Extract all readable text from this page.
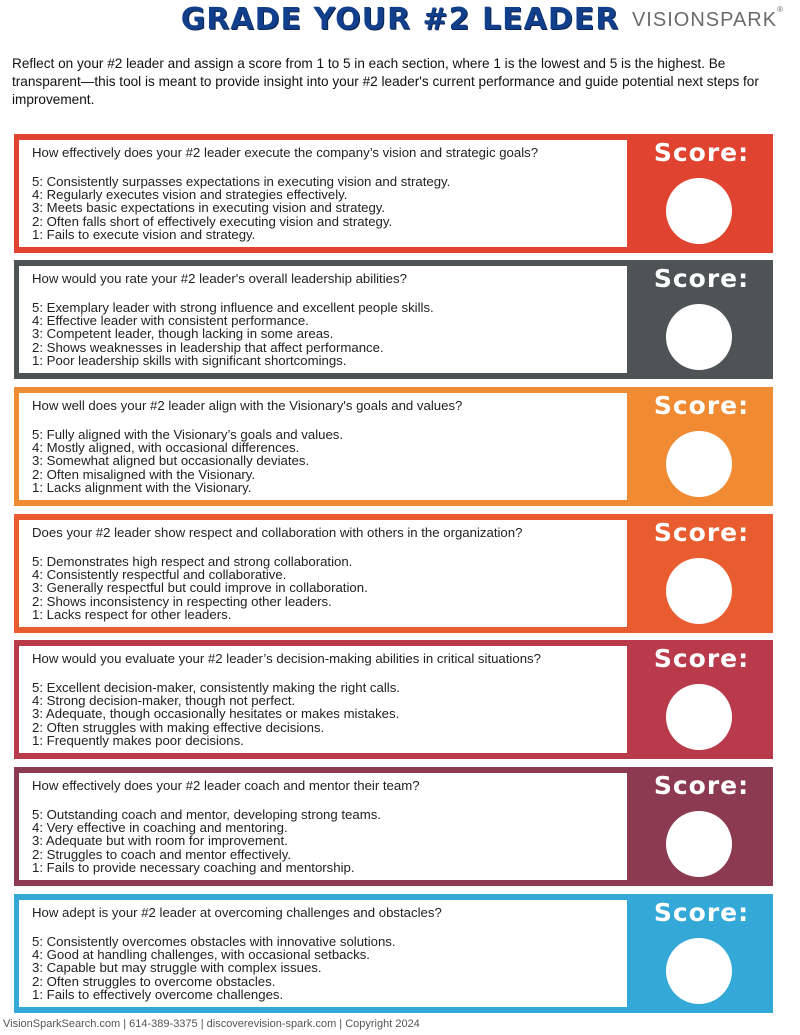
GRADE YOUR #2 LEADER VISIONSPARK®
Reflect on your #2 leader and assign a score from 1 to 5 in each section, where 1 is the lowest and 5 is the highest. Be transparent—this tool is meant to provide insight into your #2 leader's current performance and guide potential next steps for improvement.
How effectively does your #2 leader execute the company’s vision and strategic goals?
5: Consistently surpasses expectations in executing vision and strategy.
4: Regularly executes vision and strategies effectively.
3: Meets basic expectations in executing vision and strategy.
2: Often falls short of effectively executing vision and strategy.
1: Fails to execute vision and strategy.
Score:
How would you rate your #2 leader's overall leadership abilities?
5: Exemplary leader with strong influence and excellent people skills.
4: Effective leader with consistent performance.
3: Competent leader, though lacking in some areas.
2: Shows weaknesses in leadership that affect performance.
1: Poor leadership skills with significant shortcomings.
Score:
How well does your #2 leader align with the Visionary's goals and values?
5: Fully aligned with the Visionary’s goals and values.
4: Mostly aligned, with occasional differences.
3: Somewhat aligned but occasionally deviates.
2: Often misaligned with the Visionary.
1: Lacks alignment with the Visionary.
Score:
Does your #2 leader show respect and collaboration with others in the organization?
5: Demonstrates high respect and strong collaboration.
4: Consistently respectful and collaborative.
3: Generally respectful but could improve in collaboration.
2: Shows inconsistency in respecting other leaders.
1: Lacks respect for other leaders.
Score:
How would you evaluate your #2 leader’s decision-making abilities in critical situations?
5: Excellent decision-maker, consistently making the right calls.
4: Strong decision-maker, though not perfect.
3: Adequate, though occasionally hesitates or makes mistakes.
2: Often struggles with making effective decisions.
1: Frequently makes poor decisions.
Score:
How effectively does your #2 leader coach and mentor their team?
5: Outstanding coach and mentor, developing strong teams.
4: Very effective in coaching and mentoring.
3: Adequate but with room for improvement.
2: Struggles to coach and mentor effectively.
1: Fails to provide necessary coaching and mentorship.
Score:
How adept is your #2 leader at overcoming challenges and obstacles?
5: Consistently overcomes obstacles with innovative solutions.
4: Good at handling challenges, with occasional setbacks.
3: Capable but may struggle with complex issues.
2: Often struggles to overcome obstacles.
1: Fails to effectively overcome challenges.
Score:
VisionSparkSearch.com | 614-389-3375 | discoverevision-spark.com | Copyright 2024
